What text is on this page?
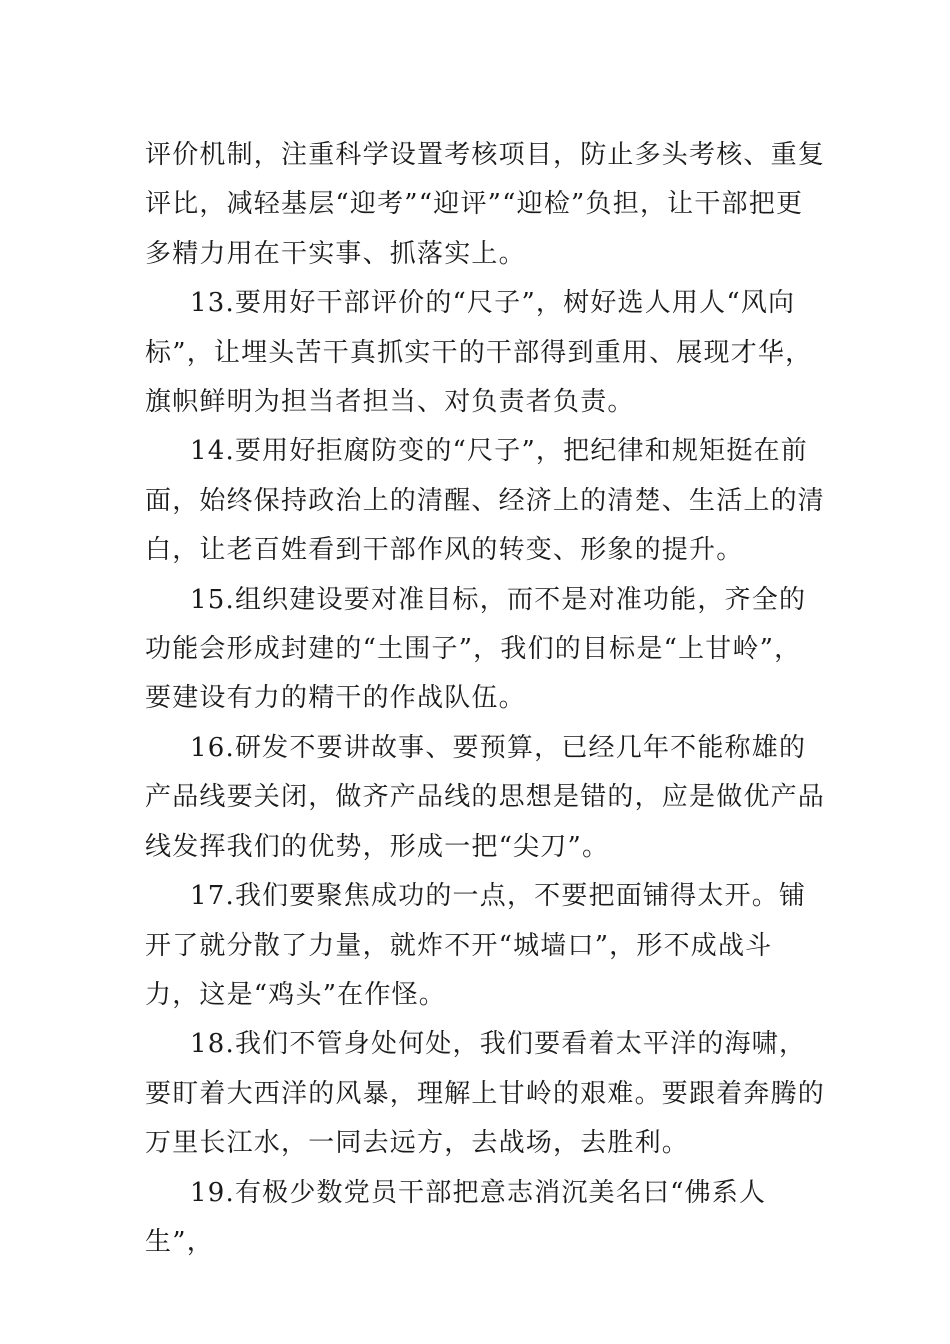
评价机制，注重科学设置考核项目，防止多头考核、重复评比，减轻基层“迎考”“迎评”“迎检”负担，让干部把更多精力用在干实事、抓落实上。

13.要用好干部评价的“尺子”，树好选人用人“风向标”，让埋头苦干真抓实干的干部得到重用、展现才华，旗帜鲜明为担当者担当、对负责者负责。

14.要用好拒腐防变的“尺子”，把纪律和规矩挺在前面，始终保持政治上的清醒、经济上的清楚、生活上的清白，让老百姓看到干部作风的转变、形象的提升。

15.组织建设要对准目标，而不是对准功能，齐全的功能会形成封建的“土围子”，我们的目标是“上甘岭”，要建设有力的精干的作战队伍。

16.研发不要讲故事、要预算，已经几年不能称雄的产品线要关闭，做齐产品线的思想是错的，应是做优产品线发挥我们的优势，形成一把“尖刀”。

17.我们要聚焦成功的一点，不要把面铺得太开。铺开了就分散了力量，就炸不开“城墙口”，形不成战斗力，这是“鸡头”在作怪。

18.我们不管身处何处，我们要看着太平洋的海啸，要盯着大西洋的风暴，理解上甘岭的艰难。要跟着奔腾的万里长江水，一同去远方，去战场，去胜利。

19.有极少数党员干部把意志消沉美名曰“佛系人生”，
